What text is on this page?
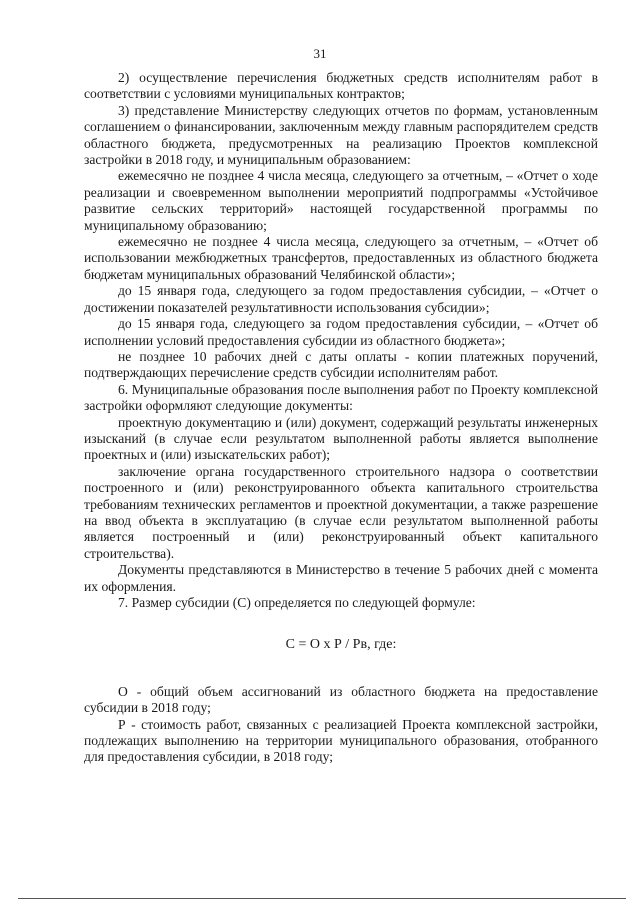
31

2) осуществление перечисления бюджетных средств исполнителям работ в соответствии с условиями муниципальных контрактов;

3) представление Министерству следующих отчетов по формам, установленным соглашением о финансировании, заключенным между главным распорядителем средств областного бюджета, предусмотренных на реализацию Проектов комплексной застройки в 2018 году, и муниципальным образованием:

ежемесячно не позднее 4 числа месяца, следующего за отчетным, – «Отчет о ходе реализации и своевременном выполнении мероприятий подпрограммы «Устойчивое развитие сельских территорий» настоящей государственной программы по муниципальному образованию;

ежемесячно не позднее 4 числа месяца, следующего за отчетным, – «Отчет об использовании межбюджетных трансфертов, предоставленных из областного бюджета бюджетам муниципальных образований Челябинской области»;

до 15 января года, следующего за годом предоставления субсидии, – «Отчет о достижении показателей результативности использования субсидии»;

до 15 января года, следующего за годом предоставления субсидии, – «Отчет об исполнении условий предоставления субсидии из областного бюджета»;

не позднее 10 рабочих дней с даты оплаты - копии платежных поручений, подтверждающих перечисление средств субсидии исполнителям работ.

6. Муниципальные образования после выполнения работ по Проекту комплексной застройки оформляют следующие документы:

проектную документацию и (или) документ, содержащий результаты инженерных изысканий (в случае если результатом выполненной работы является выполнение проектных и (или) изыскательских работ);

заключение органа государственного строительного надзора о соответствии построенного и (или) реконструированного объекта капитального строительства требованиям технических регламентов и проектной документации, а также разрешение на ввод объекта в эксплуатацию (в случае если результатом выполненной работы является построенный и (или) реконструированный объект капитального строительства).

Документы представляются в Министерство в течение 5 рабочих дней с момента их оформления.

7. Размер субсидии (С) определяется по следующей формуле:

С = О х Р / Рв, где:

О - общий объем ассигнований из областного бюджета на предоставление субсидии в 2018 году;

Р - стоимость работ, связанных с реализацией Проекта комплексной застройки, подлежащих выполнению на территории муниципального образования, отобранного для предоставления субсидии, в 2018 году;
